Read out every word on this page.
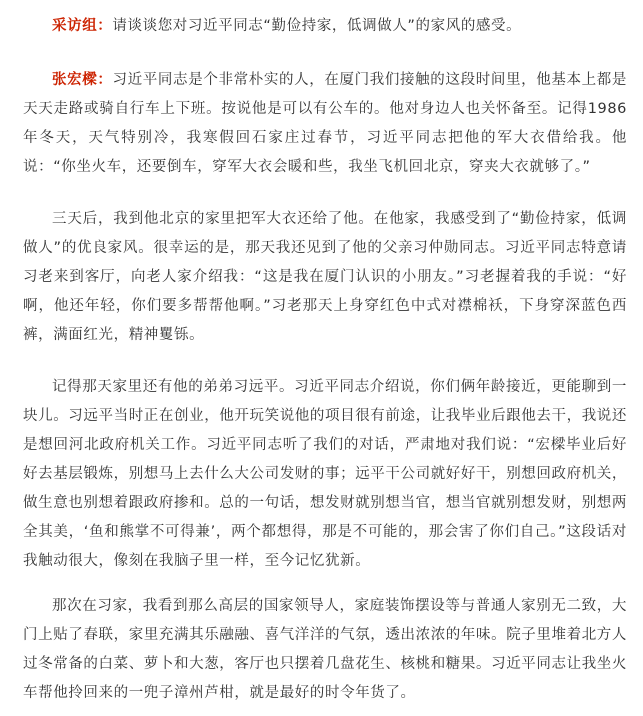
采访组：请谈谈您对习近平同志“勤俭持家，低调做人”的家风的感受。

张宏樑：习近平同志是个非常朴实的人，在厦门我们接触的这段时间里，他基本上都是天天走路或骑自行车上下班。按说他是可以有公车的。他对身边人也关怀备至。记得1986年冬天，天气特别冷，我寒假回石家庄过春节，习近平同志把他的军大衣借给我。他说：“你坐火车，还要倒车，穿军大衣会暖和些，我坐飞机回北京，穿夹大衣就够了。”

三天后，我到他北京的家里把军大衣还给了他。在他家，我感受到了“勤俭持家，低调做人”的优良家风。很幸运的是，那天我还见到了他的父亲习仲勋同志。习近平同志特意请习老来到客厅，向老人家介绍我：“这是我在厦门认识的小朋友。”习老握着我的手说：“好啊，他还年轻，你们要多帮帮他啊。”习老那天上身穿红色中式对襟棉袄，下身穿深蓝色西裤，满面红光，精神矍铄。

记得那天家里还有他的弟弟习远平。习近平同志介绍说，你们俩年龄接近，更能聊到一块儿。习远平当时正在创业，他开玩笑说他的项目很有前途，让我毕业后跟他去干，我说还是想回河北政府机关工作。习近平同志听了我们的对话，严肃地对我们说：“宏樑毕业后好好去基层锻炼，别想马上去什么大公司发财的事；远平干公司就好好干，别想回政府机关，做生意也别想着跟政府掺和。总的一句话，想发财就别想当官，想当官就别想发财，别想两全其美，‘鱼和熊掌不可得兼’，两个都想得，那是不可能的，那会害了你们自己。”这段话对我触动很大，像刻在我脑子里一样，至今记忆犹新。

那次在习家，我看到那么高层的国家领导人，家庭装饰摆设等与普通人家别无二致，大门上贴了春联，家里充满其乐融融、喜气洋洋的气氛，透出浓浓的年味。院子里堆着北方人过冬常备的白菜、萝卜和大葱，客厅也只摆着几盘花生、核桃和糖果。习近平同志让我坐火车帮他拎回来的一兜子漳州芦柑，就是最好的时令年货了。
